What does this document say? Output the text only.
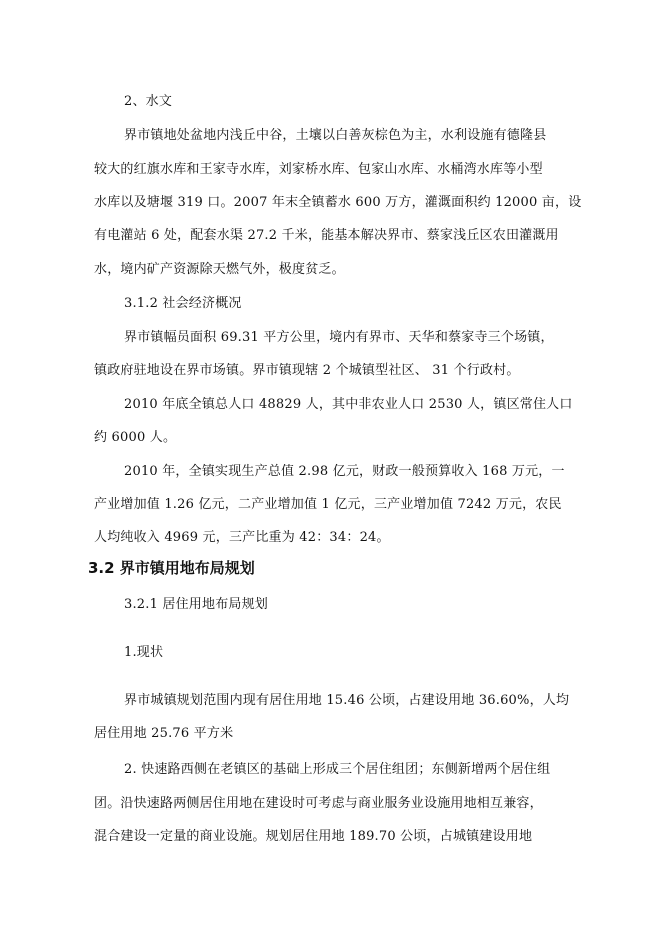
2、水文
界市镇地处盆地内浅丘中谷，土壤以白善灰棕色为主，水利设施有德隆县
较大的红旗水库和王家寺水库，刘家桥水库、包家山水库、水桶湾水库等小型
水库以及塘堰 319 口。2007 年末全镇蓄水 600 万方，灌溉面积约 12000 亩，设
有电灌站 6 处，配套水渠 27.2 千米，能基本解决界市、蔡家浅丘区农田灌溉用
水，境内矿产资源除天燃气外，极度贫乏。
3.1.2 社会经济概况
界市镇幅员面积 69.31 平方公里，境内有界市、天华和蔡家寺三个场镇，
镇政府驻地设在界市场镇。界市镇现辖 2 个城镇型社区、 31 个行政村。
2010 年底全镇总人口 48829 人，其中非农业人口 2530 人，镇区常住人口
约 6000 人。
2010 年，全镇实现生产总值 2.98 亿元，财政一般预算收入 168 万元，一
产业增加值 1.26 亿元，二产业增加值 1 亿元，三产业增加值 7242 万元，农民
人均纯收入 4969 元，三产比重为 42：34：24。
3.2 界市镇用地布局规划
3.2.1 居住用地布局规划
1.现状
界市城镇规划范围内现有居住用地 15.46 公顷，占建设用地 36.60%，人均
居住用地 25.76 平方米
2. 快速路西侧在老镇区的基础上形成三个居住组团；东侧新增两个居住组
团。沿快速路两侧居住用地在建设时可考虑与商业服务业设施用地相互兼容，
混合建设一定量的商业设施。规划居住用地 189.70 公顷，占城镇建设用地
